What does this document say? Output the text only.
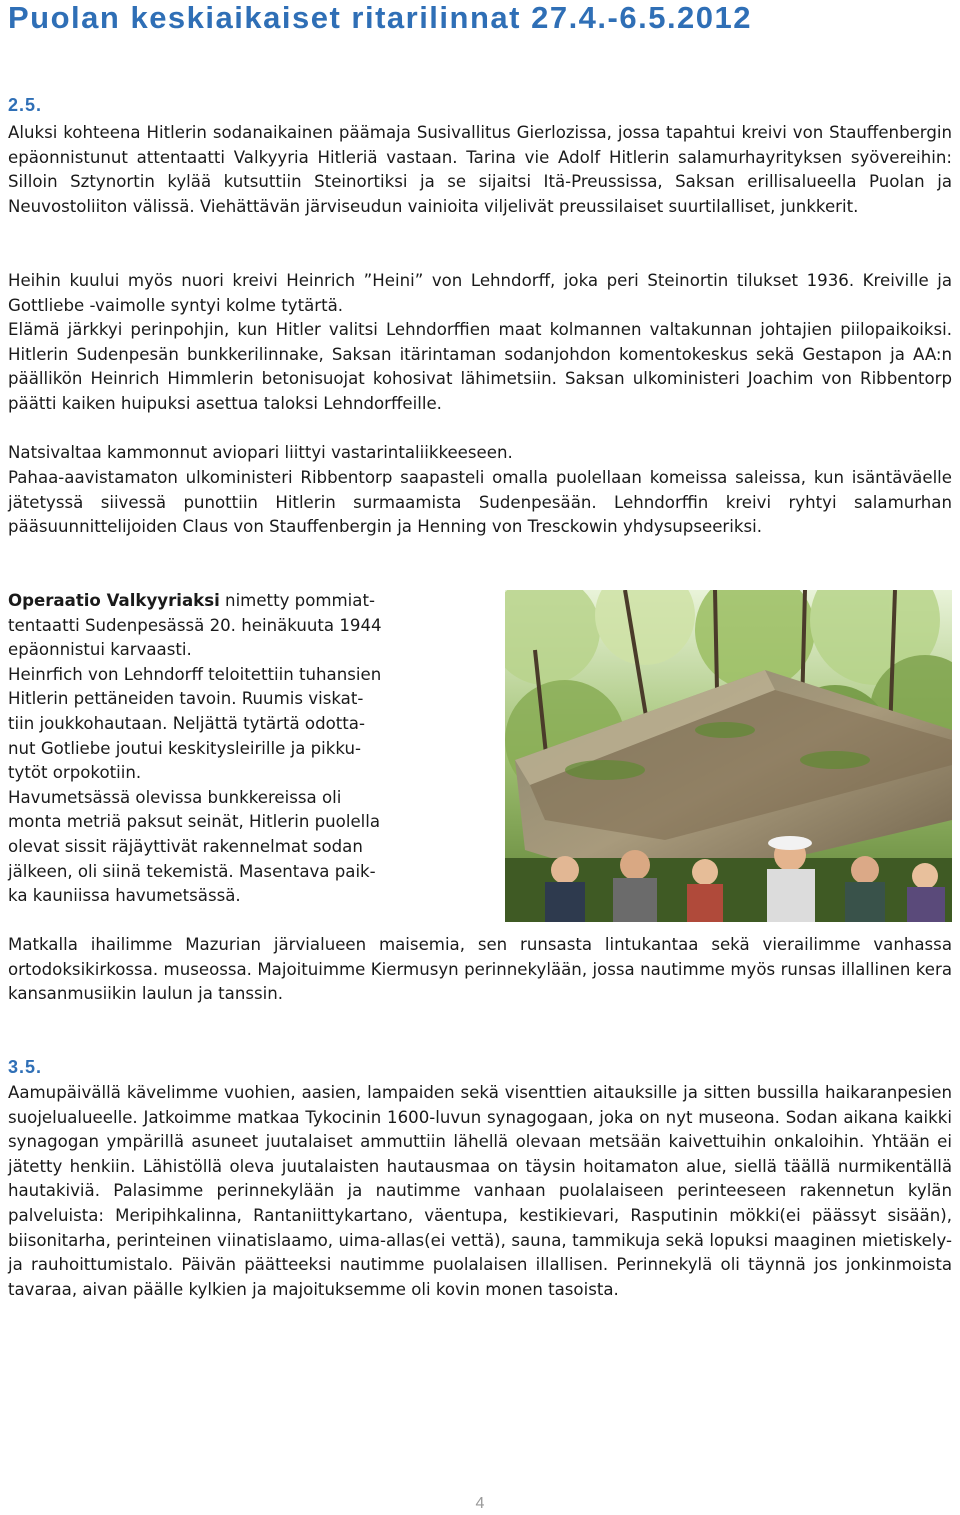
Puolan keskiaikaiset ritarilinnat 27.4.-6.5.2012
2.5.

Aluksi kohteena Hitlerin sodanaikainen päämaja Susivallitus Gierlozissa, jossa tapahtui kreivi von Stauffenbergin epäonnistunut attentaatti Valkyyria Hitleriä vastaan. Tarina vie Adolf Hitlerin salamurhayrityksen syövereihin: Silloin Sztynortin kylää kutsuttiin Steinortiksi ja se sijaitsi Itä-Preussissa, Saksan erillisalueella Puolan ja Neuvostoliiton välissä. Viehättävän järviseudun vainioita viljelivät preussilaiset suurtilalliset, junkkerit.

Heihin kuului myös nuori kreivi Heinrich ”Heini” von Lehndorff, joka peri Steinortin tilukset 1936. Kreiville ja Gottliebe -vaimolle syntyi kolme tytärtä.

Elämä järkkyi perinpohjin, kun Hitler valitsi Lehndorffien maat kolmannen valtakunnan johtajien piilopaikoiksi. Hitlerin Sudenpesän bunkkerilinnake, Saksan itärintaman sodanjohdon komentokeskus sekä Gestapon ja AA:n päällikön Heinrich Himmlerin betonisuojat kohosivat lähimetsiin. Saksan ulkoministeri Joachim von Ribbentorp päätti kaiken huipuksi asettua taloksi Lehndorffeille.

Natsivaltaa kammonnut aviopari liittyi vastarintaliikkeeseen.

Pahaa-aavistamaton ulkoministeri Ribbentorp saapasteli omalla puolellaan komeissa saleissa, kun isäntäväelle jätetyssä siivessä punottiin Hitlerin surmaamista Sudenpesään. Lehndorffin kreivi ryhtyi salamurhan pääsuunnittelijoiden Claus von Stauffenbergin ja Henning von Tresckowin yhdysupseeriksi.

Operaatio Valkyyriaksi nimetty pommiat-
tentaatti Sudenpesässä 20. heinäkuuta 1944
epäonnistui karvaasti.
Heinrfich von Lehndorff teloitettiin tuhansien
Hitlerin pettäneiden tavoin. Ruumis viskat-
tiin joukkohautaan. Neljättä tytärtä odotta-
nut Gotliebe joutui keskitysleirille ja pikku-
tytöt orpokotiin.
Havumetsässä olevissa bunkkereissa oli
monta metriä paksut seinät, Hitlerin puolella
olevat sissit räjäyttivät rakennelmat sodan
jälkeen, oli siinä tekemistä. Masentava paik-
ka kauniissa havumetsässä.

Matkalla ihailimme Mazurian järvialueen maisemia, sen runsasta lintukantaa sekä vierailimme vanhassa ortodoksikirkossa. museossa. Majoituimme Kiermusyn perinnekylään, jossa nautimme myös runsas illallinen kera kansanmusiikin laulun ja tanssin.

3.5.

Aamupäivällä kävelimme vuohien, aasien, lampaiden sekä visenttien aitauksille ja sitten bussilla haikaranpesien suojelualueelle. Jatkoimme matkaa Tykocinin 1600-luvun synagogaan, joka on nyt museona. Sodan aikana kaikki synagogan ympärillä asuneet juutalaiset ammuttiin lähellä olevaan metsään kaivettuihin onkaloihin. Yhtään ei jätetty henkiin. Lähistöllä oleva juutalaisten hautausmaa on täysin hoitamaton alue, siellä täällä nurmikentällä hautakiviä. Palasimme perinnekylään ja nautimme vanhaan puolalaiseen perinteeseen rakennetun kylän palveluista: Meripihkalinna, Rantaniittykartano, väentupa, kestikievari, Rasputinin mökki(ei päässyt sisään), biisonitarha, perinteinen viinatislaamo, uima-allas(ei vettä), sauna, tammikuja sekä lopuksi maaginen mietiskely- ja rauhoittumistalo. Päivän päätteeksi nautimme puolalaisen illallisen. Perinnekylä oli täynnä jos jonkinmoista tavaraa, aivan päälle kylkien ja majoituksemme oli kovin monen tasoista.

4
